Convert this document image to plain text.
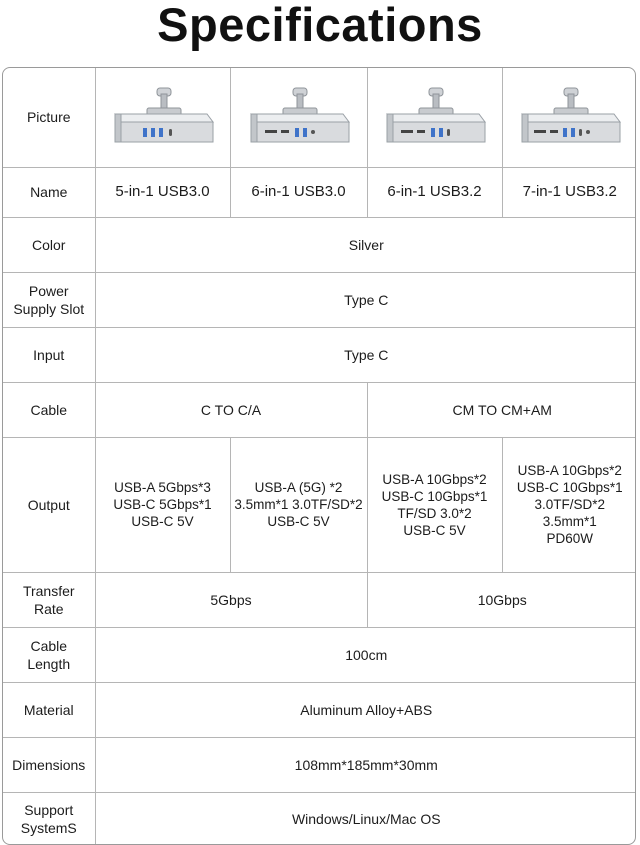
Specifications
Picture	

Name	5-in-1 USB3.0	6-in-1 USB3.0	6-in-1 USB3.2	7-in-1 USB3.2
Color	Silver			
Power
Supply Slot	Type C			
Input	Type C			
Cable	C TO C/A		CM TO CM+AM	
Output	USB-A 5Gbps*3
USB-C 5Gbps*1
USB-C 5V	USB-A (5G) *2
3.5mm*1 3.0TF/SD*2
USB-C 5V	USB-A 10Gbps*2
USB-C 10Gbps*1
TF/SD 3.0*2
USB-C 5V	USB-A 10Gbps*2
USB-C 10Gbps*1
3.0TF/SD*2
3.5mm*1
PD60W
Transfer
Rate	5Gbps		10Gbps	
Cable
Length	100cm			
Material	Aluminum Alloy+ABS			
Dimensions	108mm*185mm*30mm			
Support
SystemS	Windows/Linux/Mac OS			
